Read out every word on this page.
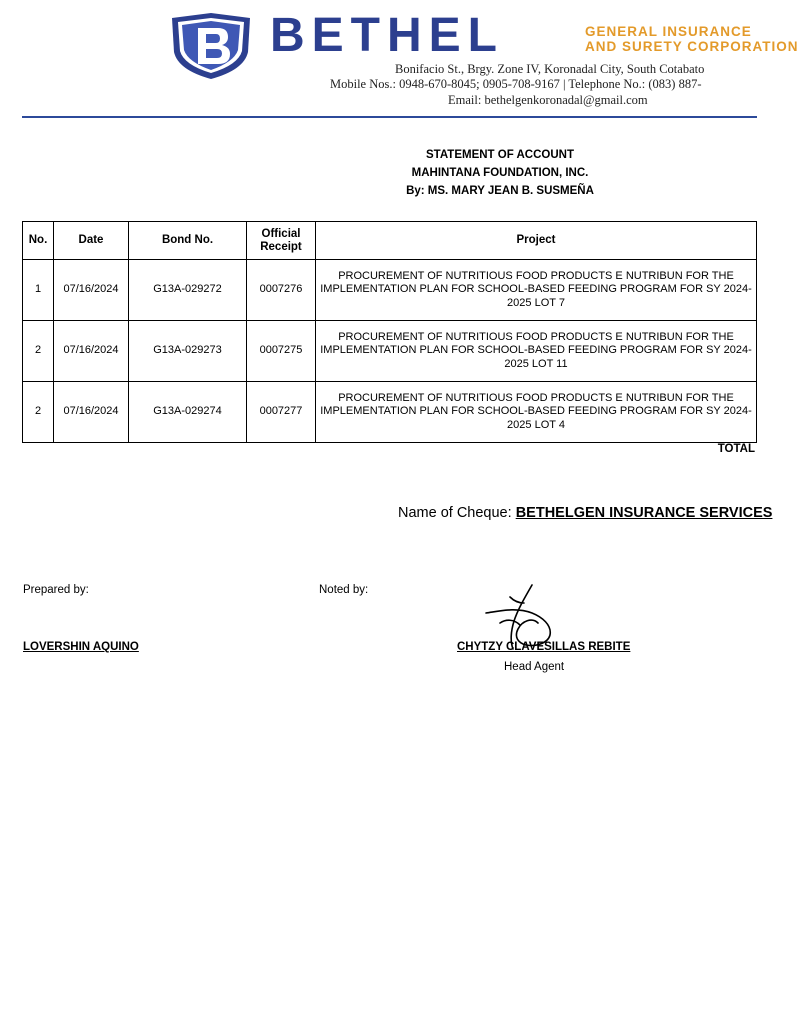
BETHEL	GENERAL INSURANCE
AND SURETY CORPORATION
Bonifacio St., Brgy. Zone IV, Koronadal City, South Cotabato
Mobile Nos.: 0948-670-8045; 0905-708-9167 | Telephone No.: (083) 887-
Email: bethelgenkoronadal@gmail.com
STATEMENT OF ACCOUNT
MAHINTANA FOUNDATION, INC.
By: MS. MARY JEAN B. SUSMEÑA
No.	Date	Bond No.	Official Receipt	Project
1	07/16/2024	G13A-029272	0007276	PROCUREMENT OF NUTRITIOUS FOOD PRODUCTS E NUTRIBUN FOR THE IMPLEMENTATION PLAN FOR SCHOOL-BASED FEEDING PROGRAM FOR SY 2024-2025 LOT 7
2	07/16/2024	G13A-029273	0007275	PROCUREMENT OF NUTRITIOUS FOOD PRODUCTS E NUTRIBUN FOR THE IMPLEMENTATION PLAN FOR SCHOOL-BASED FEEDING PROGRAM FOR SY 2024-2025 LOT 11
2	07/16/2024	G13A-029274	0007277	PROCUREMENT OF NUTRITIOUS FOOD PRODUCTS E NUTRIBUN FOR THE IMPLEMENTATION PLAN FOR SCHOOL-BASED FEEDING PROGRAM FOR SY 2024-2025 LOT 4
TOTAL
Name of Cheque: BETHELGEN INSURANCE SERVICES
Prepared by:	Noted by:
LOVERSHIN AQUINO	CHYTZY CLAVESILLAS REBITE
Head Agent
